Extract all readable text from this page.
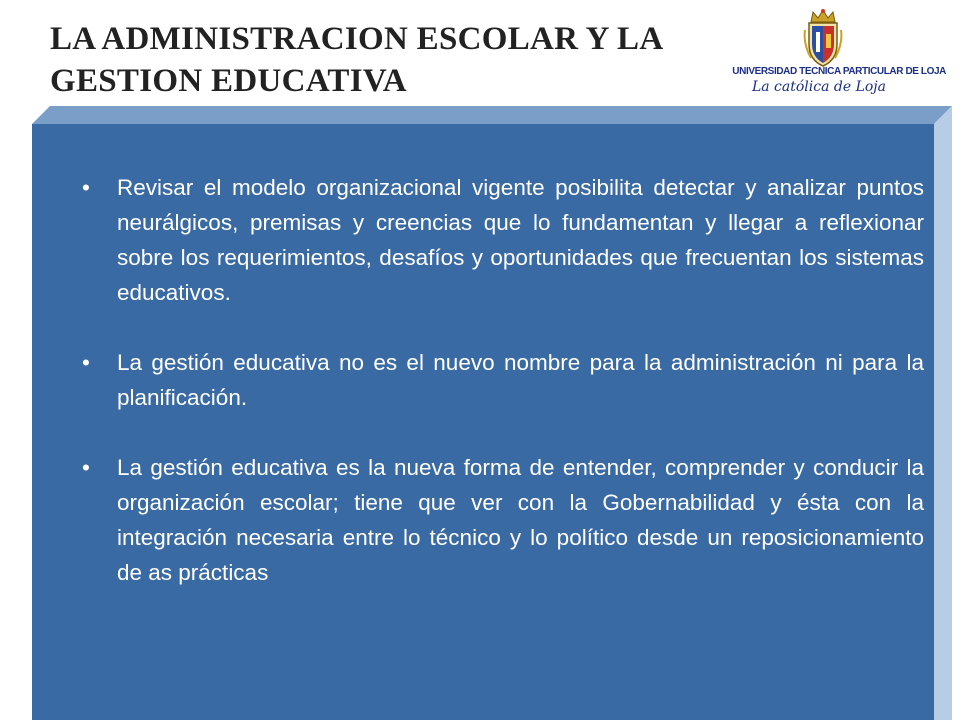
LA ADMINISTRACION ESCOLAR Y LA
GESTION EDUCATIVA	UNIVERSIDAD TECNICA PARTICULAR DE LOJA
La católica de Loja
• Revisar el modelo organizacional vigente posibilita detectar y analizar puntos neurálgicos, premisas y creencias que lo fundamentan y llegar a reflexionar sobre los requerimientos, desafíos y oportunidades que frecuentan los sistemas educativos.
• La gestión educativa no es el nuevo nombre para la administración ni para la planificación.
• La gestión educativa es la nueva forma de entender, comprender y conducir la organización escolar; tiene que ver con la Gobernabilidad y ésta con la integración necesaria entre lo técnico y lo político desde un reposicionamiento de as prácticas
